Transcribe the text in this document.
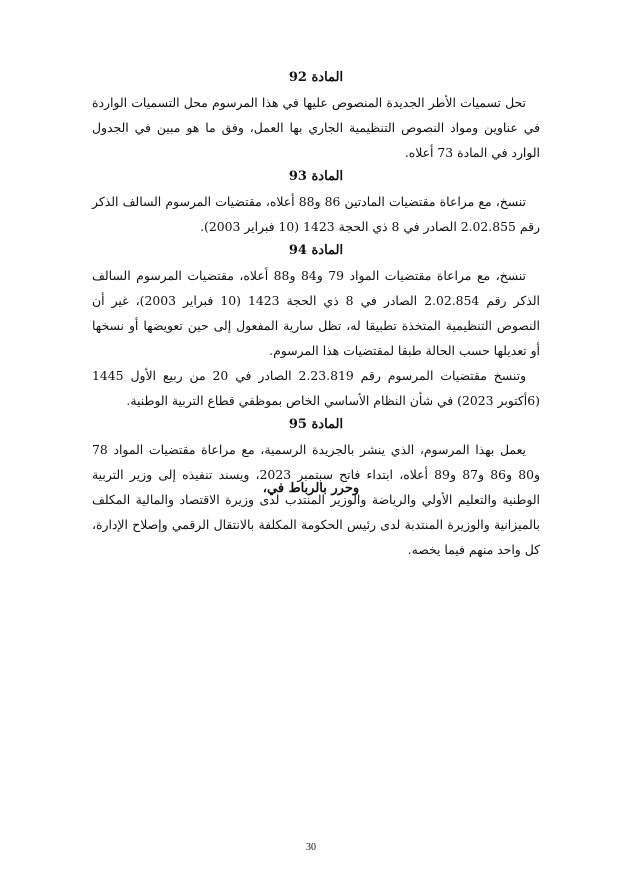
المادة 92

تحل تسميات الأطر الجديدة المنصوص عليها في هذا المرسوم محل التسميات الواردة في عناوين ومواد النصوص التنظيمية الجاري بها العمل، وفق ما هو مبين في الجدول الوارد في المادة 73 أعلاه.

المادة 93

تنسخ، مع مراعاة مقتضيات المادتين 86 و88 أعلاه، مقتضيات المرسوم السالف الذكر رقم 2.02.855 الصادر في 8 ذي الحجة 1423 (10 فبراير 2003).

المادة 94

تنسخ، مع مراعاة مقتضيات المواد 79 و84 و88 أعلاه، مقتضيات المرسوم السالف الذكر رقم 2.02.854 الصادر في 8 ذي الحجة 1423 (10 فبراير 2003)، غير أن النصوص التنظيمية المتخذة تطبيقا له، تظل سارية المفعول إلى حين تعويضها أو نسخها أو تعديلها حسب الحالة طبقا لمقتضيات هذا المرسوم.

وتنسخ مقتضيات المرسوم رقم 2.23.819 الصادر في 20 من ربيع الأول 1445 (6أكتوبر 2023) في شأن النظام الأساسي الخاص بموظفي قطاع التربية الوطنية.

المادة 95

يعمل بهذا المرسوم، الذي ينشر بالجريدة الرسمية، مع مراعاة مقتضيات المواد 78 و80 و86 و87 و89 أعلاه، ابتداء فاتح سبتمبر 2023، ويسند تنفيذه إلى وزير التربية الوطنية والتعليم الأولي والرياضة والوزير المنتدب لدى وزيرة الاقتصاد والمالية المكلف بالميزانية والوزيرة المنتدبة لدى رئيس الحكومة المكلفة بالانتقال الرقمي وإصلاح الإدارة، كل واحد منهم فيما يخصه.

وحرر بالرباط في،
30
